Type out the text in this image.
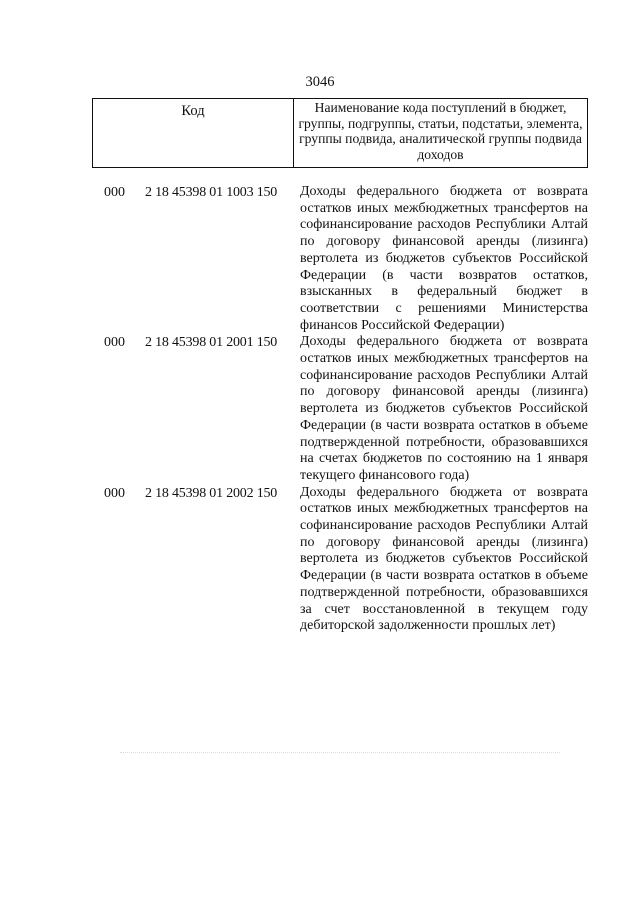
3046
Код	Наименование кода поступлений в бюджет, группы, подгруппы, статьи, подстатьи, элемента, группы подвида, аналитической группы подвида доходов
000 2 18 45398 01 1003 150 Доходы федерального бюджета от возврата остатков иных межбюджетных трансфертов на софинансирование расходов Республики Алтай по договору финансовой аренды (лизинга) вертолета из бюджетов субъектов Российской Федерации (в части возвратов остатков, взысканных в федеральный бюджет в соответствии с решениями Министерства финансов Российской Федерации)
000 2 18 45398 01 2001 150 Доходы федерального бюджета от возврата остатков иных межбюджетных трансфертов на софинансирование расходов Республики Алтай по договору финансовой аренды (лизинга) вертолета из бюджетов субъектов Российской Федерации (в части возврата остатков в объеме подтвержденной потребности, образовавшихся на счетах бюджетов по состоянию на 1 января текущего финансового года)
000 2 18 45398 01 2002 150 Доходы федерального бюджета от возврата остатков иных межбюджетных трансфертов на софинансирование расходов Республики Алтай по договору финансовой аренды (лизинга) вертолета из бюджетов субъектов Российской Федерации (в части возврата остатков в объеме подтвержденной потребности, образовавшихся за счет восстановленной в текущем году дебиторской задолженности прошлых лет)
